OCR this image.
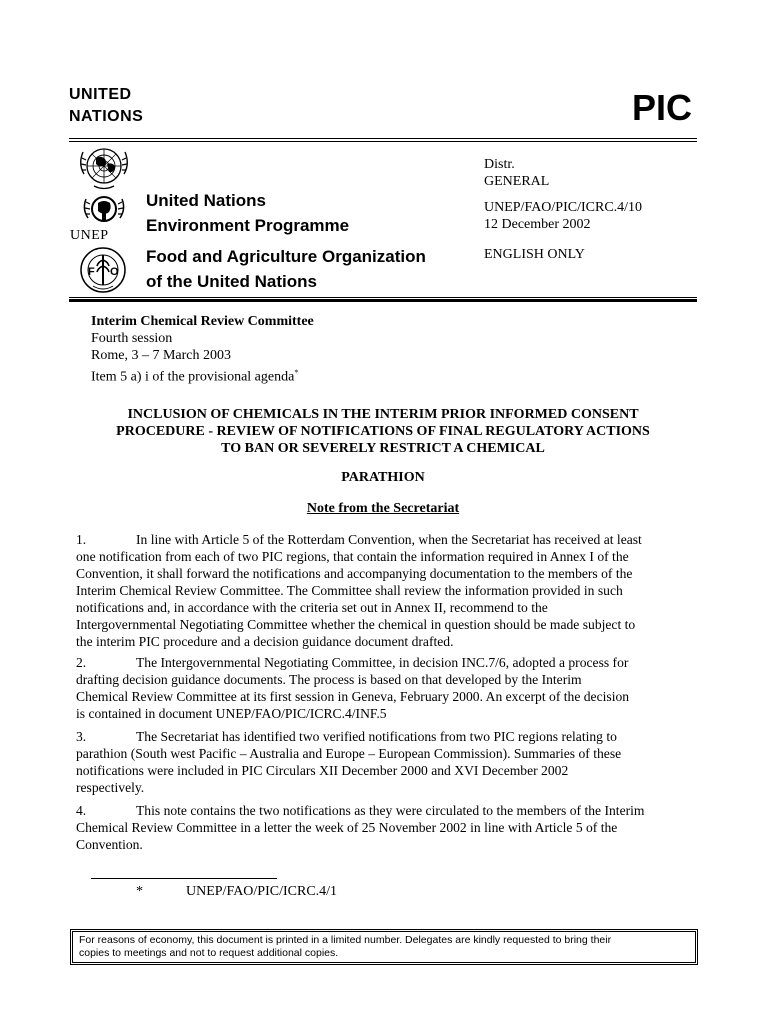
UNITED
NATIONS	PIC
UNEP
F O
United Nations
Environment Programme
Food and Agriculture Organization
of the United Nations
Distr.
GENERAL
UNEP/FAO/PIC/ICRC.4/10
12 December 2002
ENGLISH ONLY
Interim Chemical Review Committee
Fourth session
Rome, 3 – 7 March 2003
Item 5 a) i of the provisional agenda*
INCLUSION OF CHEMICALS IN THE INTERIM PRIOR INFORMED CONSENT
PROCEDURE - REVIEW OF NOTIFICATIONS OF FINAL REGULATORY ACTIONS
TO BAN OR SEVERELY RESTRICT A CHEMICAL
PARATHION
Note from the Secretariat
1.	In line with Article 5 of the Rotterdam Convention, when the Secretariat has received at least
one notification from each of two PIC regions, that contain the information required in Annex I of the
Convention, it shall forward the notifications and accompanying documentation to the members of the
Interim Chemical Review Committee. The Committee shall review the information provided in such
notifications and, in accordance with the criteria set out in Annex II, recommend to the
Intergovernmental Negotiating Committee whether the chemical in question should be made subject to
the interim PIC procedure and a decision guidance document drafted.
2.	The Intergovernmental Negotiating Committee, in decision INC.7/6, adopted a process for
drafting decision guidance documents. The process is based on that developed by the Interim
Chemical Review Committee at its first session in Geneva, February 2000. An excerpt of the decision
is contained in document UNEP/FAO/PIC/ICRC.4/INF.5
3.	The Secretariat has identified two verified notifications from two PIC regions relating to
parathion (South west Pacific – Australia and Europe – European Commission). Summaries of these
notifications were included in PIC Circulars XII December 2000 and XVI December 2002
respectively.
4.	This note contains the two notifications as they were circulated to the members of the Interim
Chemical Review Committee in a letter the week of 25 November 2002 in line with Article 5 of the
Convention.
*	UNEP/FAO/PIC/ICRC.4/1
For reasons of economy, this document is printed in a limited number. Delegates are kindly requested to bring their
copies to meetings and not to request additional copies.
